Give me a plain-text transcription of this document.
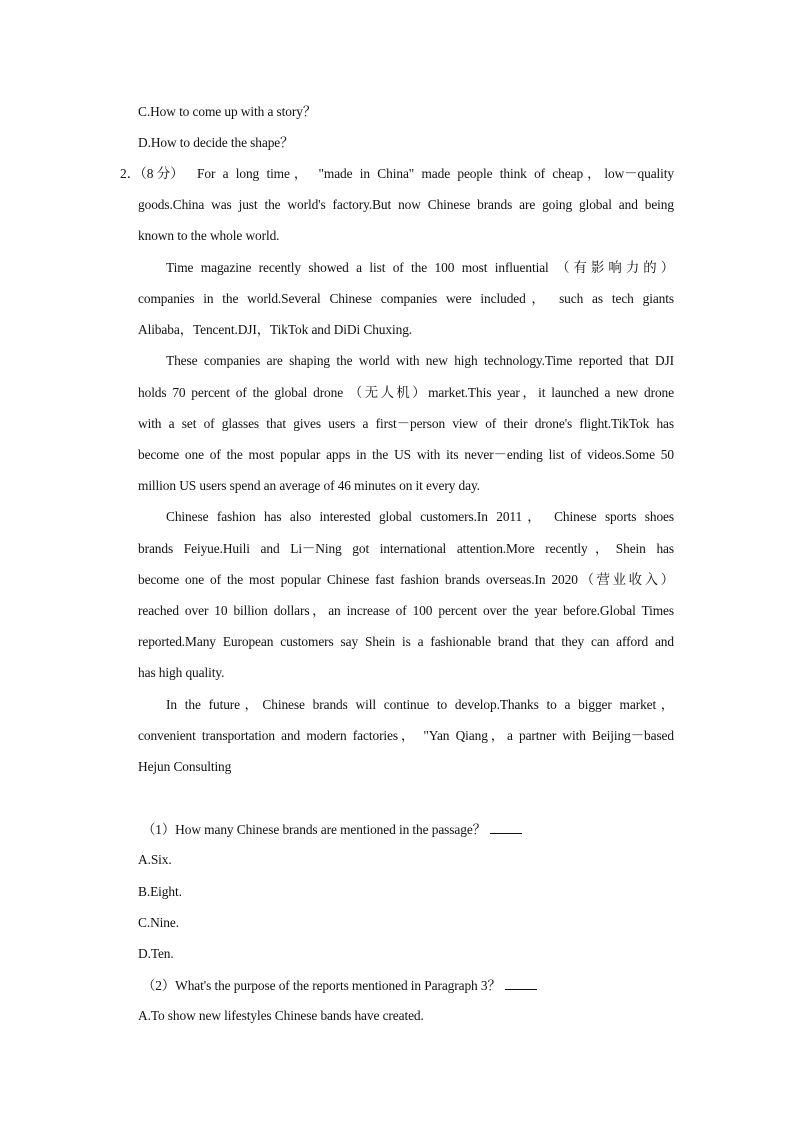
C.How to come up with a story？
D.How to decide the shape？
2．（8 分） For a long time， "made in China" made people think of cheap，low－quality
goods.China was just the world's factory.But now Chinese brands are going global and being
known to the whole world.
Time magazine recently showed a list of the 100 most influential （有影响力的）
companies in the world.Several Chinese companies were included， such as tech giants
Alibaba，Tencent.DJI，TikTok and DiDi Chuxing.
These companies are shaping the world with new high technology.Time reported that DJI
holds 70 percent of the global drone （无人机）market.This year，it launched a new drone
with a set of glasses that gives users a first－person view of their drone's flight.TikTok has
become one of the most popular apps in the US with its never－ending list of videos.Some 50
million US users spend an average of 46 minutes on it every day.
Chinese fashion has also interested global customers.In 2011， Chinese sports shoes
brands Feiyue.Huili and Li－Ning got international attention.More recently，Shein has
become one of the most popular Chinese fast fashion brands overseas.In 2020（营业收入）
reached over 10 billion dollars，an increase of 100 percent over the year before.Global Times
reported.Many European customers say Shein is a fashionable brand that they can afford and
has high quality.
In the future，Chinese brands will continue to develop.Thanks to a bigger market，
convenient transportation and modern factories， "Yan Qiang，a partner with Beijing－based
Hejun Consulting
（1）How many Chinese brands are mentioned in the passage？
A.Six.
B.Eight.
C.Nine.
D.Ten.
（2）What's the purpose of the reports mentioned in Paragraph 3？
A.To show new lifestyles Chinese bands have created.
